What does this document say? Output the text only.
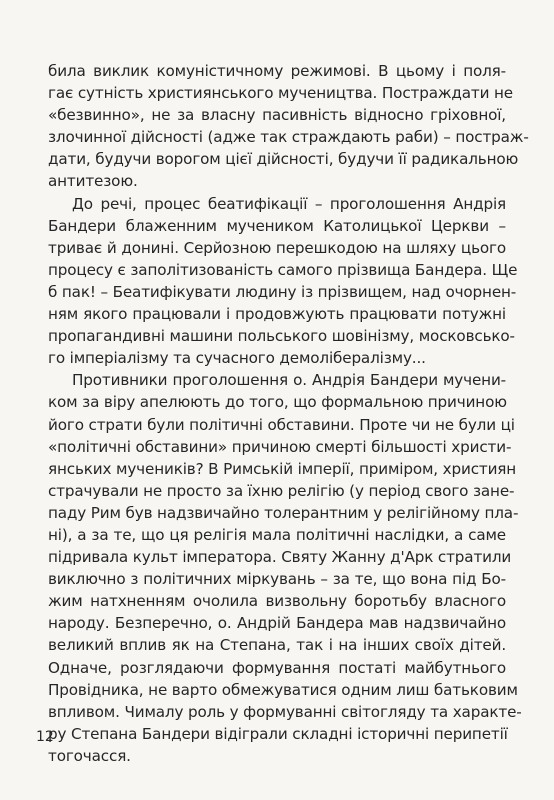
била виклик комуністичному режимові. В цьому і поля-
гає сутність християнського мучеництва. Постраждати не
«безвинно», не за власну пасивність відносно гріховної,
злочинної дійсності (адже так страждають раби) – постраж-
дати, будучи ворогом цієї дійсності, будучи її радикальною
антитезою.
До речі, процес беатифікації – проголошення Андрія
Бандери блаженним мучеником Католицької Церкви –
триває й донині. Серйозною перешкодою на шляху цього
процесу є заполітизованість самого прізвища Бандера. Ще
б пак! – Беатифікувати людину із прізвищем, над очорнен-
ням якого працювали і продовжують працювати потужні
пропагандивні машини польського шовінізму, московсько-
го імперіалізму та сучасного демолібералізму...
Противники проголошення о. Андрія Бандери мучени-
ком за віру апелюють до того, що формальною причиною
його страти були політичні обставини. Проте чи не були ці
«політичні обставини» причиною смерті більшості христи-
янських мучеників? В Римській імперії, приміром, християн
страчували не просто за їхню релігію (у період свого зане-
паду Рим був надзвичайно толерантним у релігійному пла-
ні), а за те, що ця релігія мала політичні наслідки, а саме
підривала культ імператора. Святу Жанну д'Арк стратили
виключно з політичних міркувань – за те, що вона під Бо-
жим натхненням очолила визвольну боротьбу власного
народу. Безперечно, о. Андрій Бандера мав надзвичайно
великий вплив як на Степана, так і на інших своїх дітей.
Одначе, розглядаючи формування постаті майбутнього
Провідника, не варто обмежуватися одним лиш батьковим
впливом. Чималу роль у формуванні світогляду та характе-
ру Степана Бандери відіграли складні історичні перипетії
тогочасся.
12
